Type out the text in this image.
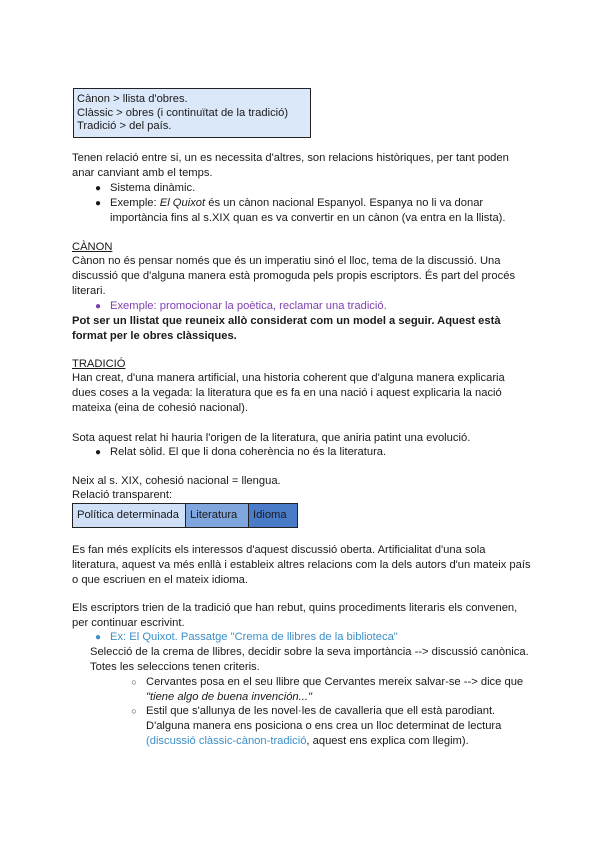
Cànon > llista d'obres.
Clàssic > obres (i continuïtat de la tradició)
Tradició > del país.
Tenen relació entre si, un es necessita d'altres, son relacions històriques, per tant poden anar canviant amb el temps.
● Sistema dinàmic.
● Exemple: El Quixot és un cànon nacional Espanyol. Espanya no li va donar importància fins al s.XIX quan es va convertir en un cànon (va entra en la llista).
CÀNON
Cànon no és pensar només que és un imperatiu sinó el lloc, tema de la discussió. Una discussió que d'alguna manera està promoguda pels propis escriptors. És part del procés literari.
● Exemple: promocionar la poètica, reclamar una tradició.
Pot ser un llistat que reuneix allò considerat com un model a seguir. Aquest està format per le obres clàssiques.
TRADICIÓ
Han creat, d'una manera artificial, una historia coherent que d'alguna manera explicaria dues coses a la vegada: la literatura que es fa en una nació i aquest explicaria la nació mateixa (eina de cohesió nacional).
Sota aquest relat hi hauria l'origen de la literatura, que aniria patint una evolució.
● Relat sòlid. El que li dona coherència no és la literatura.
Neix al s. XIX, cohesió nacional = llengua.
Relació transparent:
Política determinada Literatura	Idioma
Es fan més explícits els interessos d'aquest discussió oberta. Artificialitat d'una sola literatura, aquest va més enllà i estableix altres relacions com la dels autors d'un mateix país o que escriuen en el mateix idioma.
Els escriptors trien de la tradició que han rebut, quins procediments literaris els convenen, per continuar escrivint.
● Ex: El Quixot. Passatge "Crema de llibres de la biblioteca"
Selecció de la crema de llibres, decidir sobre la seva importància --> discussió canònica. Totes les seleccions tenen criteris.
○ Cervantes posa en el seu llibre que Cervantes mereix salvar-se --> dice que "tiene algo de buena invención..."
○ Estil que s'allunya de les novel·les de cavalleria que ell està parodiant. D'alguna manera ens posiciona o ens crea un lloc determinat de lectura (discussió clàssic-cànon-tradició, aquest ens explica com llegim).
